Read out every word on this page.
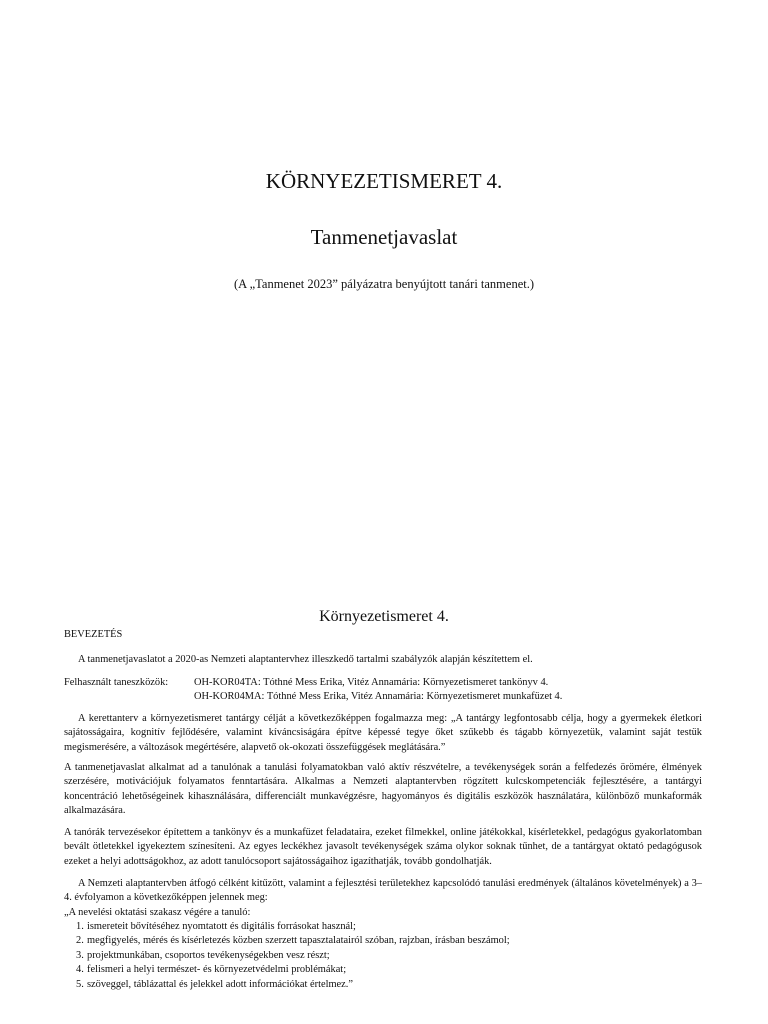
KÖRNYEZETISMERET 4.
Tanmenetjavaslat
(A „Tanmenet 2023” pályázatra benyújtott tanári tanmenet.)
Környezetismeret 4.
BEVEZETÉS
A tanmenetjavaslatot a 2020-as Nemzeti alaptantervhez illeszkedő tartalmi szabályzók alapján készítettem el.
Felhasznált taneszközök:	OH-KOR04TA: Tóthné Mess Erika, Vitéz Annamária: Környezetismeret tankönyv 4.
OH-KOR04MA: Tóthné Mess Erika, Vitéz Annamária: Környezetismeret munkafüzet 4.
A kerettanterv a környezetismeret tantárgy célját a következőképpen fogalmazza meg: „A tantárgy legfontosabb célja, hogy a gyermekek életkori sajátosságaira, kognitív fejlődésére, valamint kíváncsiságára építve képessé tegye őket szűkebb és tágabb környezetük, valamint saját testük megismerésére, a változások megértésére, alapvető ok-okozati összefüggések meglátására.”
A tanmenetjavaslat alkalmat ad a tanulónak a tanulási folyamatokban való aktív részvételre, a tevékenységek során a felfedezés örömére, élmények szerzésére, motivációjuk folyamatos fenntartására. Alkalmas a Nemzeti alaptantervben rögzített kulcskompetenciák fejlesztésére, a tantárgyi koncentráció lehetőségeinek kihasználására, differenciált munkavégzésre, hagyományos és digitális eszközök használatára, különböző munkaformák alkalmazására.
A tanórák tervezésekor építettem a tankönyv és a munkafüzet feladataira, ezeket filmekkel, online játékokkal, kísérletekkel, pedagógus gyakorlatomban bevált ötletekkel igyekeztem színesíteni. Az egyes leckékhez javasolt tevékenységek száma olykor soknak tűnhet, de a tantárgyat oktató pedagógusok ezeket a helyi adottságokhoz, az adott tanulócsoport sajátosságaihoz igazíthatják, tovább gondolhatják.
A Nemzeti alaptantervben átfogó célként kitűzött, valamint a fejlesztési területekhez kapcsolódó tanulási eredmények (általános követelmények) a 3–4. évfolyamon a következőképpen jelennek meg:
„A nevelési oktatási szakasz végére a tanuló:
1. ismereteit bővítéséhez nyomtatott és digitális forrásokat használ;
2. megfigyelés, mérés és kísérletezés közben szerzett tapasztalatairól szóban, rajzban, írásban beszámol;
3. projektmunkában, csoportos tevékenységekben vesz részt;
4. felismeri a helyi természet- és környezetvédelmi problémákat;
5. szöveggel, táblázattal és jelekkel adott információkat értelmez.”
